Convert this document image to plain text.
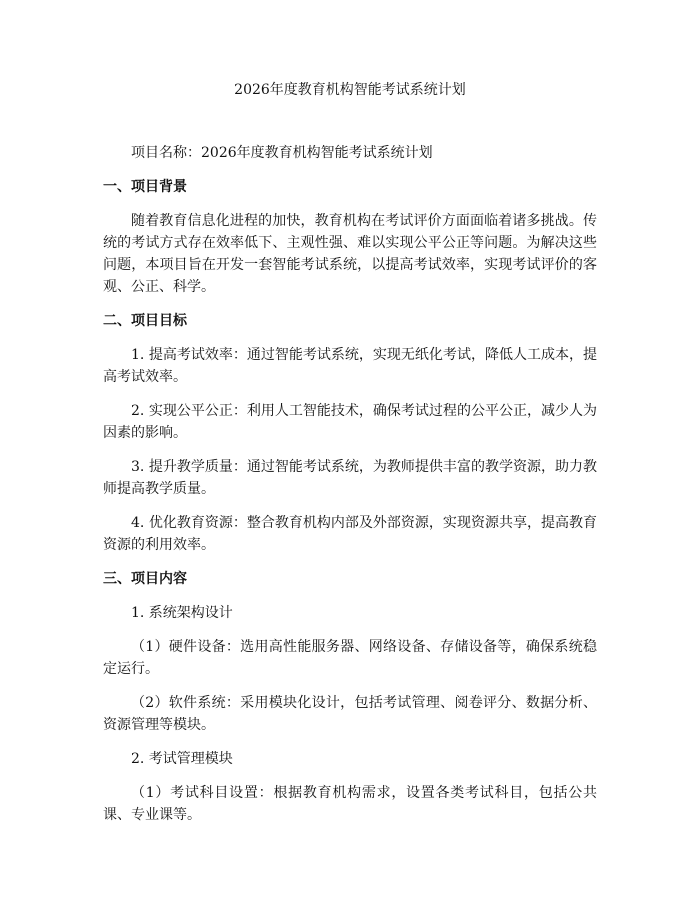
2026年度教育机构智能考试系统计划

项目名称：2026年度教育机构智能考试系统计划

一、项目背景

随着教育信息化进程的加快，教育机构在考试评价方面面临着诸多挑战。传统的考试方式存在效率低下、主观性强、难以实现公平公正等问题。为解决这些问题，本项目旨在开发一套智能考试系统，以提高考试效率，实现考试评价的客观、公正、科学。

二、项目目标

1. 提高考试效率：通过智能考试系统，实现无纸化考试，降低人工成本，提高考试效率。

2. 实现公平公正：利用人工智能技术，确保考试过程的公平公正，减少人为因素的影响。

3. 提升教学质量：通过智能考试系统，为教师提供丰富的教学资源，助力教师提高教学质量。

4. 优化教育资源：整合教育机构内部及外部资源，实现资源共享，提高教育资源的利用效率。

三、项目内容

1. 系统架构设计

（1）硬件设备：选用高性能服务器、网络设备、存储设备等，确保系统稳定运行。

（2）软件系统：采用模块化设计，包括考试管理、阅卷评分、数据分析、资源管理等模块。

2. 考试管理模块

（1）考试科目设置：根据教育机构需求，设置各类考试科目，包括公共课、专业课等。
